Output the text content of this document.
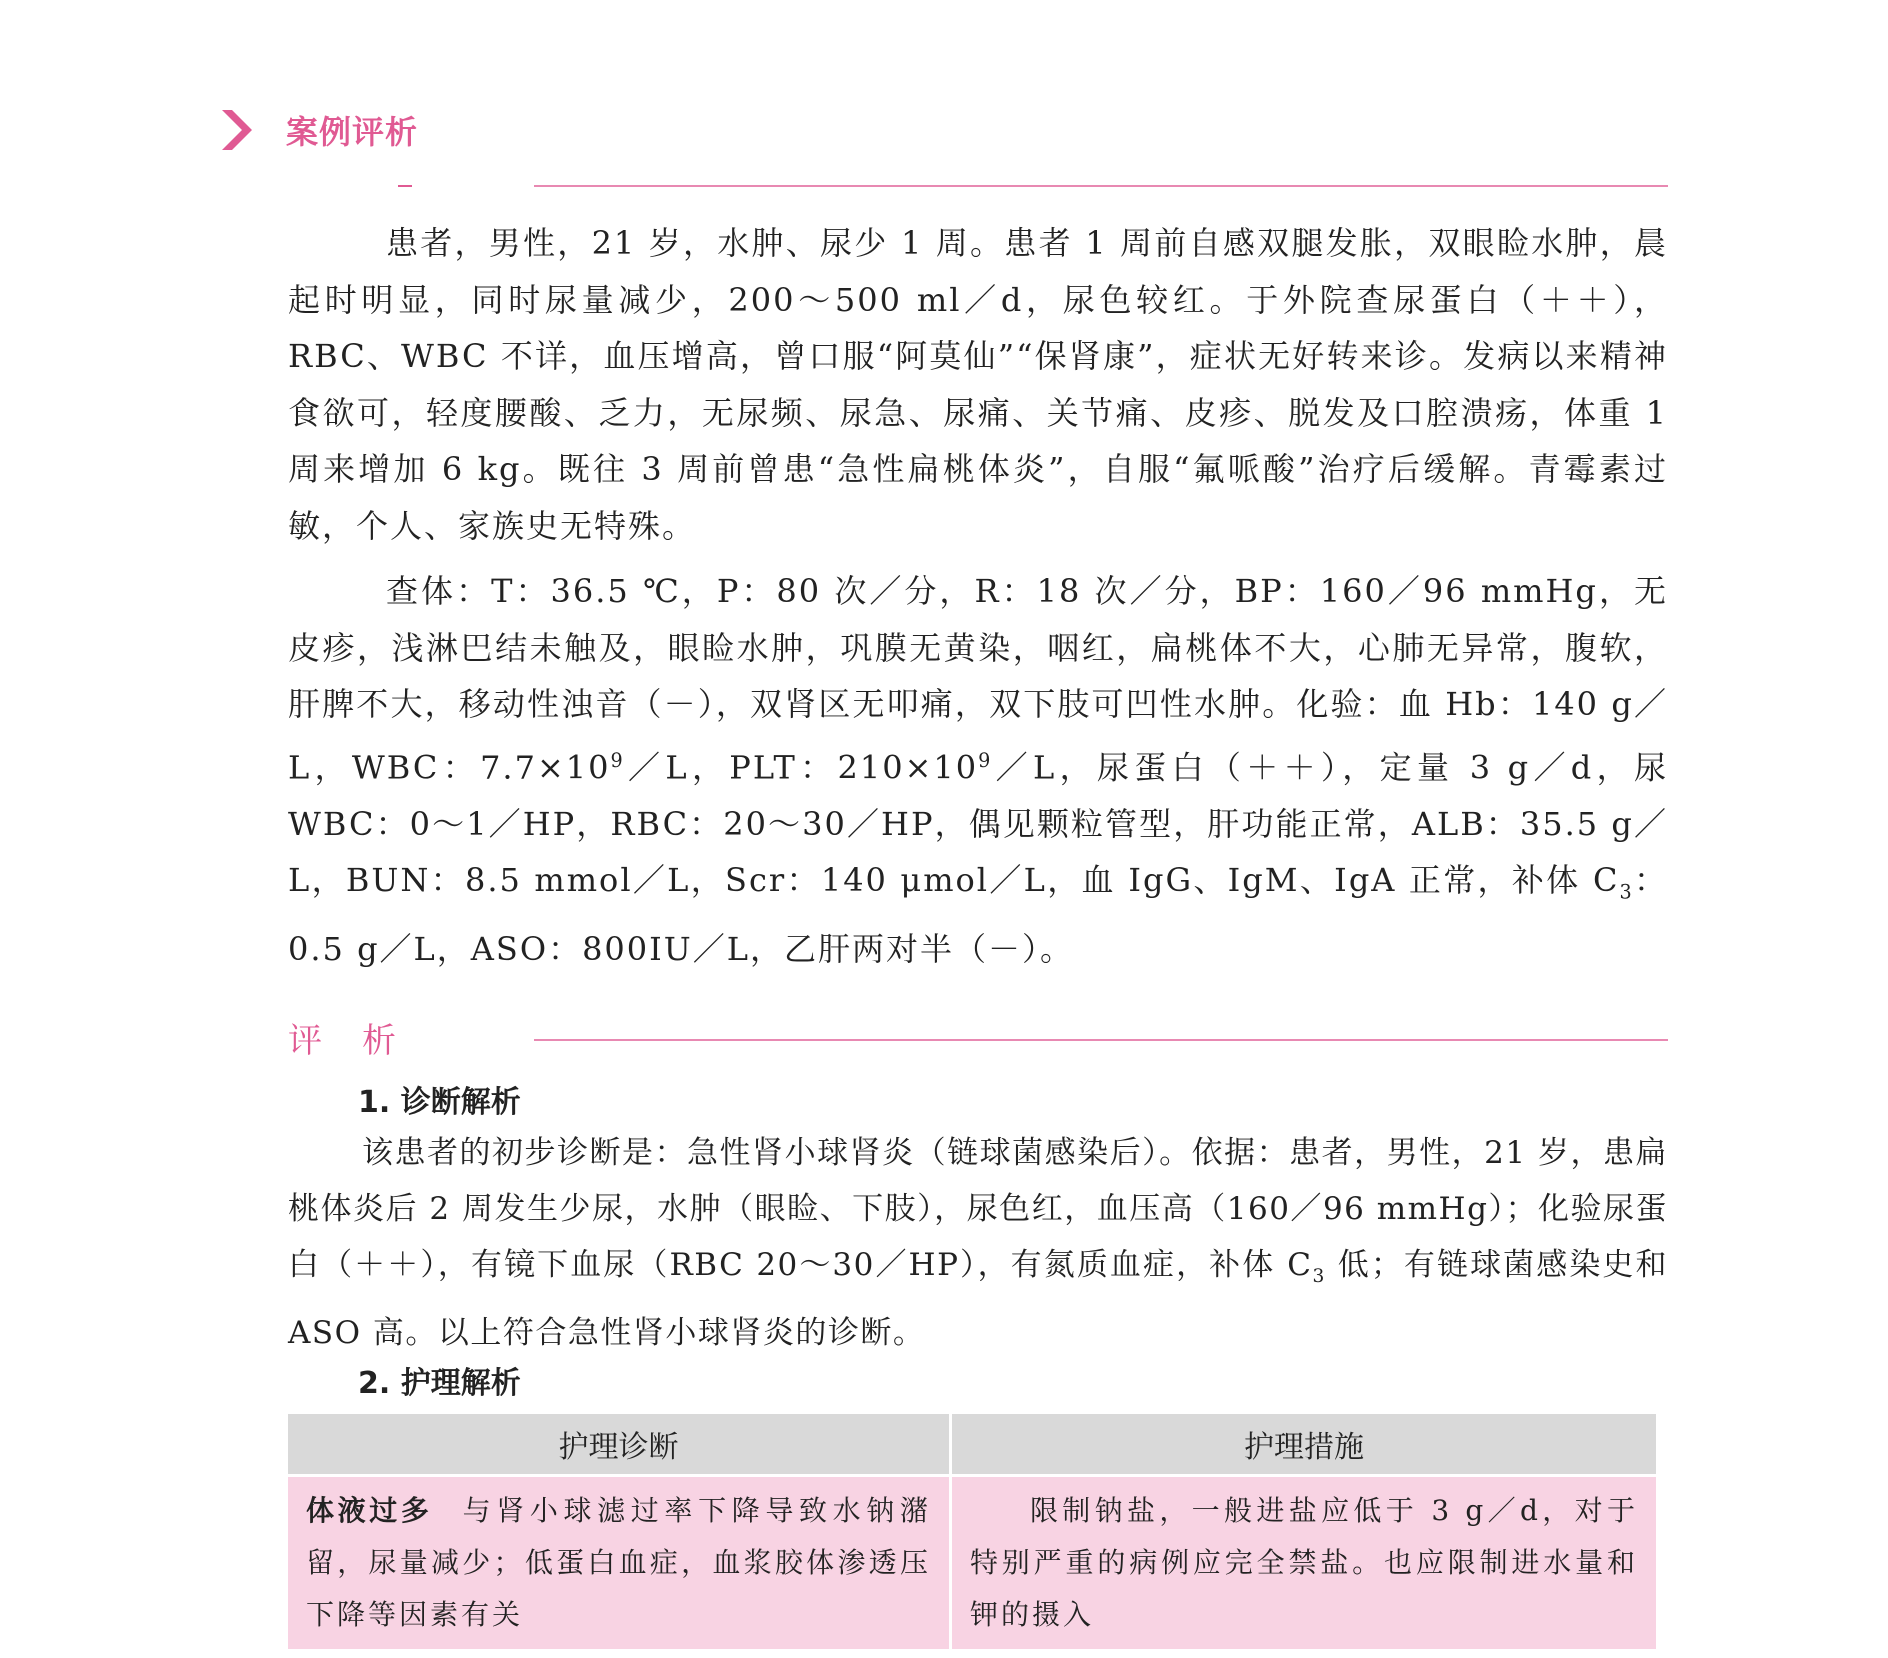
案例评析

患者，男性，21 岁，水肿、尿少 1 周。患者 1 周前自感双腿发胀，双眼睑水肿，晨起时明显，同时尿量减少，200～500 ml／d，尿色较红。于外院查尿蛋白（＋＋），RBC、WBC 不详，血压增高，曾口服“阿莫仙”“保肾康”，症状无好转来诊。发病以来精神食欲可，轻度腰酸、乏力，无尿频、尿急、尿痛、关节痛、皮疹、脱发及口腔溃疡，体重 1 周来增加 6 kg。既往 3 周前曾患“急性扁桃体炎”，自服“氟哌酸”治疗后缓解。青霉素过敏，个人、家族史无特殊。

查体：T：36.5 ℃，P：80 次／分，R：18 次／分，BP：160／96 mmHg，无皮疹，浅淋巴结未触及，眼睑水肿，巩膜无黄染，咽红，扁桃体不大，心肺无异常，腹软，肝脾不大，移动性浊音（－），双肾区无叩痛，双下肢可凹性水肿。化验：血 Hb：140 g／L，WBC：$7.7\times 10^9/L$，PLT：$210\times 10^9/L$，尿蛋白（＋＋），定量 3 g／d，尿 WBC：0～1／HP，RBC：20～30／HP，偶见颗粒管型，肝功能正常，ALB：35.5 g／L，BUN：8.5 mmol／L，Scr：140 μmol／L，血 IgG、IgM、IgA 正常，补体 $C_3$：0.5 g／L，ASO：800IU／L，乙肝两对半（－）。

评析
1. 诊断解析

该患者的初步诊断是：急性肾小球肾炎（链球菌感染后）。依据：患者，男性，21 岁，患扁桃体炎后 2 周发生少尿，水肿（眼睑、下肢），尿色红，血压高（160／96 mmHg）；化验尿蛋白（＋＋），有镜下血尿（RBC 20～30／HP），有氮质血症，补体 $C_3$ 低；有链球菌感染史和 ASO 高。以上符合急性肾小球肾炎的诊断。

2. 护理解析
护理诊断	护理措施
体液过多 与肾小球滤过率下降导致水钠潴留，尿量减少；低蛋白血症，血浆胶体渗透压下降等因素有关	限制钠盐，一般进盐应低于 3 g／d，对于特别严重的病例应完全禁盐。也应限制进水量和钾的摄入
